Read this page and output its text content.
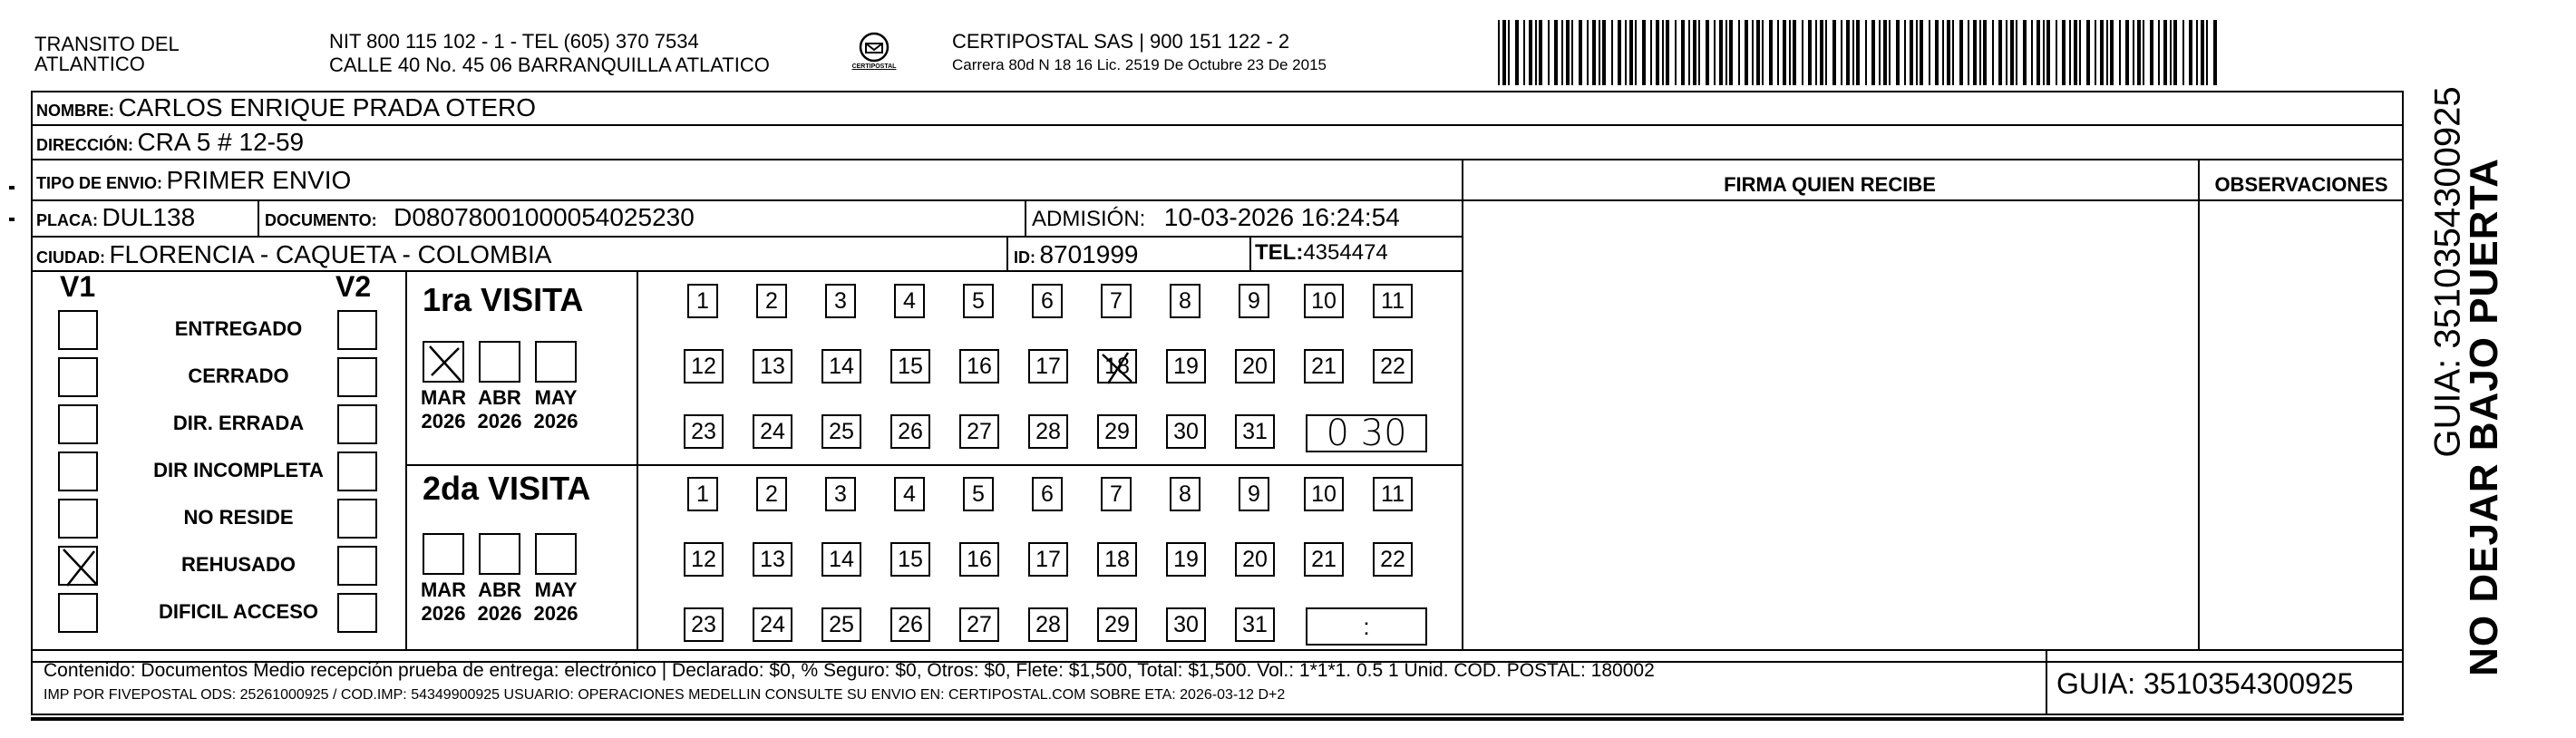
TRANSITO DEL
ATLANTICO
NIT 800 115 102 - 1 - TEL (605) 370 7534
CALLE 40 No. 45 06 BARRANQUILLA ATLATICO	CERTIPOSTAL
CERTIPOSTAL SAS | 900 151 122 - 2
Carrera 80d N 18 16 Lic. 2519 De Octubre 23 De 2015
NOMBRE: CARLOS ENRIQUE PRADA OTERO
DIRECCIÓN: CRA 5 # 12-59
TIPO DE ENVIO: PRIMER ENVIO
PLACA: DUL138	DOCUMENTO: D08078001000054025230	ADMISIÓN: 10-03-2026 16:24:54
CIUDAD: FLORENCIA - CAQUETA - COLOMBIA	ID: 8701999	TEL:4354474
FIRMA QUIEN RECIBE	OBSERVACIONES
V1	V2
ENTREGADO
CERRADO
DIR. ERRADA
DIR INCOMPLETA
NO RESIDE
REHUSADO
DIFICIL ACCESO
1ra VISITA
2da VISITA
MAR
2026
ABR
2026
MAY
2026
1	2	3	4	5	6	7	8	9	10	11
12	13	14	15	16	17	18	19	20	21	22
23	24	25	26	27	28	29	30	31	0 30
MAR
2026
ABR
2026
MAY
2026
1	2	3	4	5	6	7	8	9	10	11
12	13	14	15	16	17	18	19	20	21	22
23	24	25	26	27	28	29	30	31	:
Contenido: Documentos Medio recepción prueba de entrega: electrónico | Declarado: $0, % Seguro: $0, Otros: $0, Flete: $1,500, Total: $1,500. Vol.: 1*1*1. 0.5 1 Unid. COD. POSTAL: 180002
IMP POR FIVEPOSTAL ODS: 25261000925 / COD.IMP: 54349900925 USUARIO: OPERACIONES MEDELLIN CONSULTE SU ENVIO EN: CERTIPOSTAL.COM SOBRE ETA: 2026-03-12 D+2	GUIA: 3510354300925
NO DEJAR BAJO PUERTA
GUIA: 3510354300925
